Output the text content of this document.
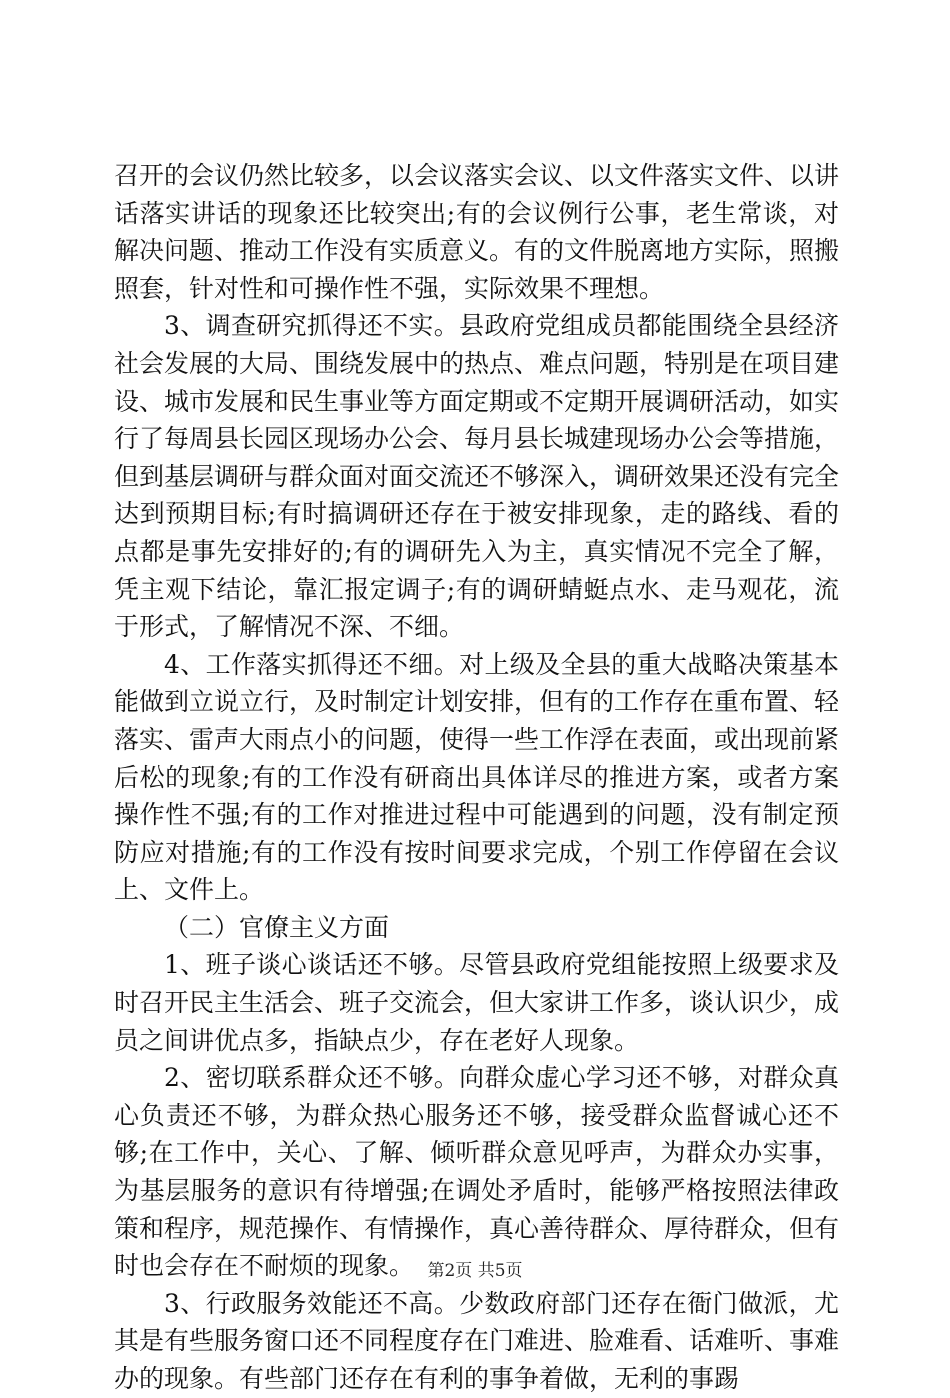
召开的会议仍然比较多，以会议落实会议、以文件落实文件、以讲话落实讲话的现象还比较突出;有的会议例行公事，老生常谈，对解决问题、推动工作没有实质意义。有的文件脱离地方实际，照搬照套，针对性和可操作性不强，实际效果不理想。

3、调查研究抓得还不实。县政府党组成员都能围绕全县经济社会发展的大局、围绕发展中的热点、难点问题，特别是在项目建设、城市发展和民生事业等方面定期或不定期开展调研活动，如实行了每周县长园区现场办公会、每月县长城建现场办公会等措施，但到基层调研与群众面对面交流还不够深入，调研效果还没有完全达到预期目标;有时搞调研还存在于被安排现象，走的路线、看的点都是事先安排好的;有的调研先入为主，真实情况不完全了解，凭主观下结论，靠汇报定调子;有的调研蜻蜓点水、走马观花，流于形式，了解情况不深、不细。

4、工作落实抓得还不细。对上级及全县的重大战略决策基本能做到立说立行，及时制定计划安排，但有的工作存在重布置、轻落实、雷声大雨点小的问题，使得一些工作浮在表面，或出现前紧后松的现象;有的工作没有研商出具体详尽的推进方案，或者方案操作性不强;有的工作对推进过程中可能遇到的问题，没有制定预防应对措施;有的工作没有按时间要求完成，个别工作停留在会议上、文件上。

（二）官僚主义方面

1、班子谈心谈话还不够。尽管县政府党组能按照上级要求及时召开民主生活会、班子交流会，但大家讲工作多，谈认识少，成员之间讲优点多，指缺点少，存在老好人现象。

2、密切联系群众还不够。向群众虚心学习还不够，对群众真心负责还不够，为群众热心服务还不够，接受群众监督诚心还不够;在工作中，关心、了解、倾听群众意见呼声，为群众办实事，为基层服务的意识有待增强;在调处矛盾时，能够严格按照法律政策和程序，规范操作、有情操作，真心善待群众、厚待群众，但有时也会存在不耐烦的现象。

3、行政服务效能还不高。少数政府部门还存在衙门做派，尤其是有些服务窗口还不同程度存在门难进、脸难看、话难听、事难办的现象。有些部门还存在有利的事争着做，无利的事踢

第2页 共5页
